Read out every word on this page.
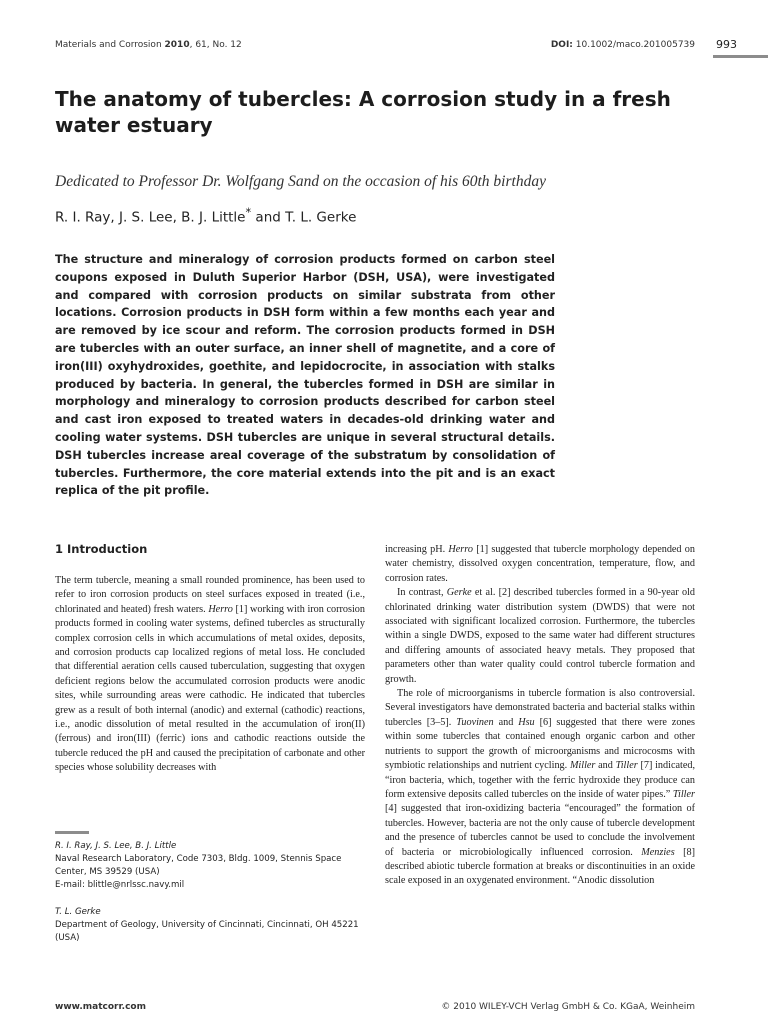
Materials and Corrosion 2010, 61, No. 12	DOI: 10.1002/maco.201005739 993
The anatomy of tubercles: A corrosion study in a fresh water estuary
Dedicated to Professor Dr. Wolfgang Sand on the occasion of his 60th birthday
R. I. Ray, J. S. Lee, B. J. Little* and T. L. Gerke
The structure and mineralogy of corrosion products formed on carbon steel coupons exposed in Duluth Superior Harbor (DSH, USA), were investigated and compared with corrosion products on similar substrata from other locations. Corrosion products in DSH form within a few months each year and are removed by ice scour and reform. The corrosion products formed in DSH are tubercles with an outer surface, an inner shell of magnetite, and a core of iron(III) oxyhydroxides, goethite, and lepidocrocite, in association with stalks produced by bacteria. In general, the tubercles formed in DSH are similar in morphology and mineralogy to corrosion products described for carbon steel and cast iron exposed to treated waters in decades-old drinking water and cooling water systems. DSH tubercles are unique in several structural details. DSH tubercles increase areal coverage of the substratum by consolidation of tubercles. Furthermore, the core material extends into the pit and is an exact replica of the pit profile.
1 Introduction

The term tubercle, meaning a small rounded prominence, has been used to refer to iron corrosion products on steel surfaces exposed in treated (i.e., chlorinated and heated) fresh waters. Herro [1] working with iron corrosion products formed in cooling water systems, defined tubercles as structurally complex corrosion cells in which accumulations of metal oxides, deposits, and corrosion products cap localized regions of metal loss. He concluded that differential aeration cells caused tuberculation, suggesting that oxygen deficient regions below the accumulated corrosion products were anodic sites, while surrounding areas were cathodic. He indicated that tubercles grew as a result of both internal (anodic) and external (cathodic) reactions, i.e., anodic dissolution of metal resulted in the accumulation of iron(II) (ferrous) and iron(III) (ferric) ions and cathodic reactions outside the tubercle reduced the pH and caused the precipitation of carbonate and other species whose solubility decreases with

increasing pH. Herro [1] suggested that tubercle morphology depended on water chemistry, dissolved oxygen concentration, temperature, flow, and corrosion rates.

In contrast, Gerke et al. [2] described tubercles formed in a 90-year old chlorinated drinking water distribution system (DWDS) that were not associated with significant localized corrosion. Furthermore, the tubercles within a single DWDS, exposed to the same water had different structures and differing amounts of associated heavy metals. They proposed that parameters other than water quality could control tubercle formation and growth.

The role of microorganisms in tubercle formation is also controversial. Several investigators have demonstrated bacteria and bacterial stalks within tubercles [3–5]. Tuovinen and Hsu [6] suggested that there were zones within some tubercles that contained enough organic carbon and other nutrients to support the growth of microorganisms and microcosms with symbiotic relationships and nutrient cycling. Miller and Tiller [7] indicated, “iron bacteria, which, together with the ferric hydroxide they produce can form extensive deposits called tubercles on the inside of water pipes.” Tiller [4] suggested that iron-oxidizing bacteria “encouraged” the formation of tubercles. However, bacteria are not the only cause of tubercle development and the presence of tubercles cannot be used to conclude the involvement of bacteria or microbiologically influenced corrosion. Menzies [8] described abiotic tubercle formation at breaks or discontinuities in an oxide scale exposed in an oxygenated environment. “Anodic dissolution

R. I. Ray, J. S. Lee, B. J. Little
Naval Research Laboratory, Code 7303, Bldg. 1009, Stennis Space
Center, MS 39529 (USA)
E-mail: blittle@nrlssc.navy.mil
T. L. Gerke
Department of Geology, University of Cincinnati, Cincinnati, OH 45221
(USA)
www.matcorr.com	© 2010 WILEY-VCH Verlag GmbH & Co. KGaA, Weinheim
